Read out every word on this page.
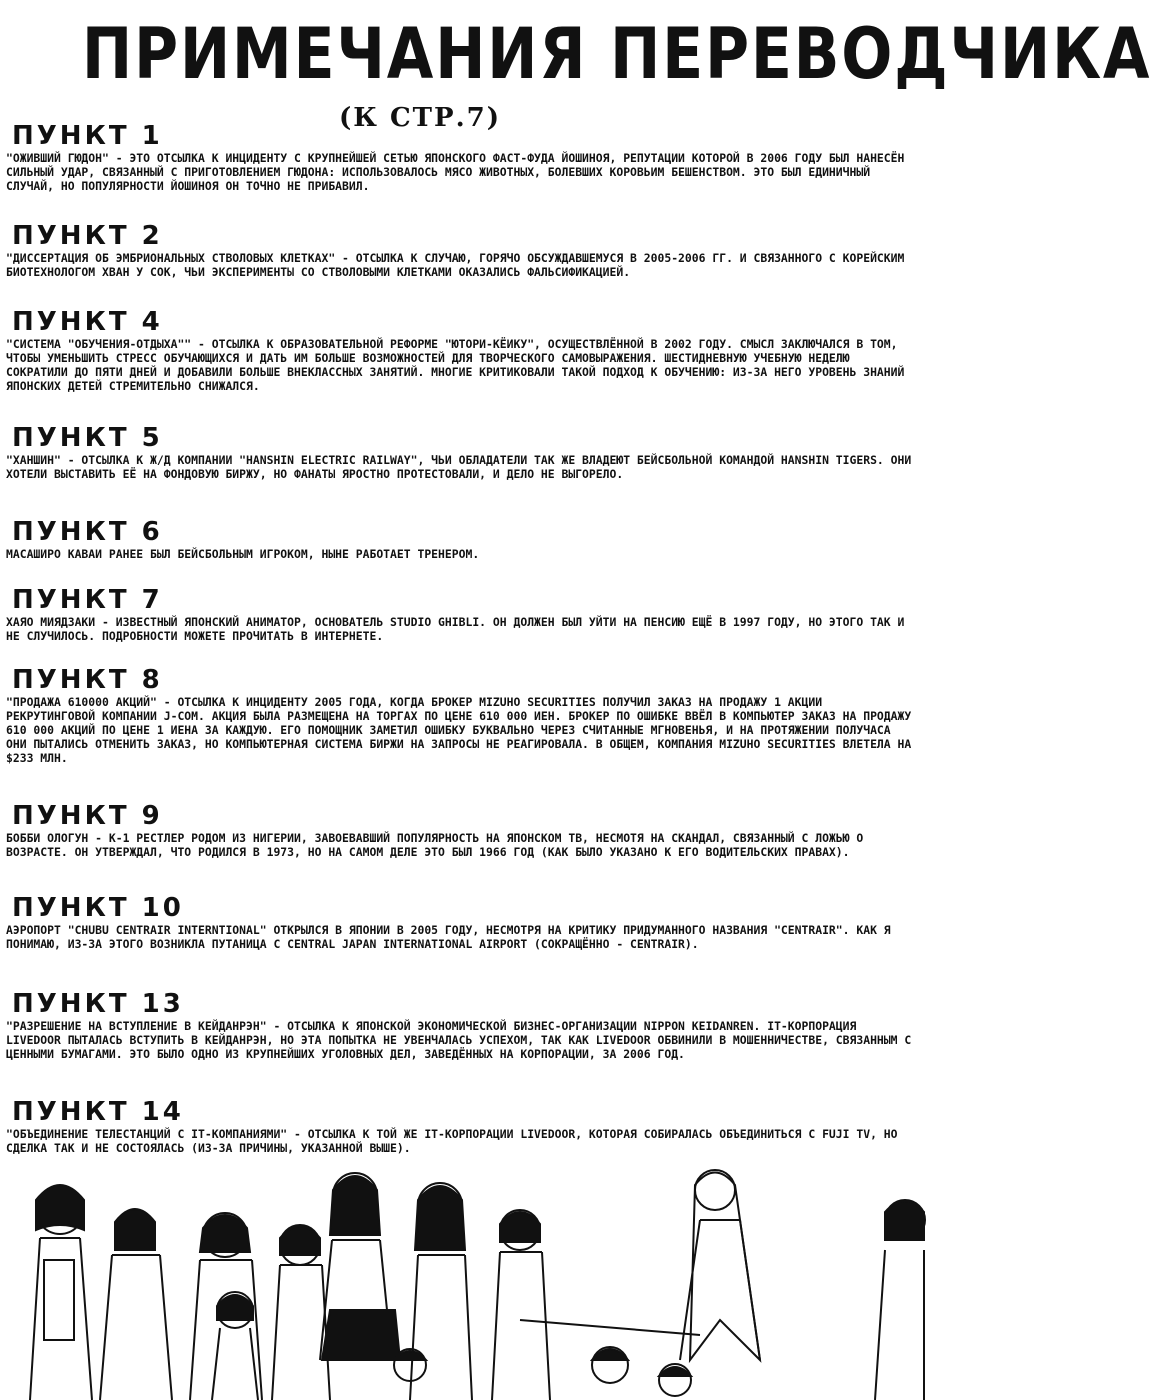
ПРИМЕЧАНИЯ ПЕРЕВОДЧИКА
(К СТР.7)
ПУНКТ 1
"ОЖИВШИЙ ГЮДОН" - ЭТО ОТСЫЛКА К ИНЦИДЕНТУ С КРУПНЕЙШЕЙ СЕТЬЮ ЯПОНСКОГО ФАСТ-ФУДА ЙОШИНОЯ, РЕПУТАЦИИ КОТОРОЙ В 2006 ГОДУ БЫЛ НАНЕСЁН СИЛЬНЫЙ УДАР, СВЯЗАННЫЙ С ПРИГОТОВЛЕНИЕМ ГЮДОНА: ИСПОЛЬЗОВАЛОСЬ МЯСО ЖИВОТНЫХ, БОЛЕВШИХ КОРОВЬИМ БЕШЕНСТВОМ. ЭТО БЫЛ ЕДИНИЧНЫЙ СЛУЧАЙ, НО ПОПУЛЯРНОСТИ ЙОШИНОЯ ОН ТОЧНО НЕ ПРИБАВИЛ.
ПУНКТ 2
"ДИССЕРТАЦИЯ ОБ ЭМБРИОНАЛЬНЫХ СТВОЛОВЫХ КЛЕТКАХ" - ОТСЫЛКА К СЛУЧАЮ, ГОРЯЧО ОБСУЖДАВШЕМУСЯ В 2005-2006 ГГ. И СВЯЗАННОГО С КОРЕЙСКИМ БИОТЕХНОЛОГОМ ХВАН У СОК, ЧЬИ ЭКСПЕРИМЕНТЫ СО СТВОЛОВЫМИ КЛЕТКАМИ ОКАЗАЛИСЬ ФАЛЬСИФИКАЦИЕЙ.
ПУНКТ 4
"СИСТЕМА "ОБУЧЕНИЯ-ОТДЫХА"" - ОТСЫЛКА К ОБРАЗОВАТЕЛЬНОЙ РЕФОРМЕ "ЮТОРИ-КЁИКУ", ОСУЩЕСТВЛЁННОЙ В 2002 ГОДУ. СМЫСЛ ЗАКЛЮЧАЛСЯ В ТОМ, ЧТОБЫ УМЕНЬШИТЬ СТРЕСС ОБУЧАЮЩИХСЯ И ДАТЬ ИМ БОЛЬШЕ ВОЗМОЖНОСТЕЙ ДЛЯ ТВОРЧЕСКОГО САМОВЫРАЖЕНИЯ. ШЕСТИДНЕВНУЮ УЧЕБНУЮ НЕДЕЛЮ СОКРАТИЛИ ДО ПЯТИ ДНЕЙ И ДОБАВИЛИ БОЛЬШЕ ВНЕКЛАССНЫХ ЗАНЯТИЙ. МНОГИЕ КРИТИКОВАЛИ ТАКОЙ ПОДХОД К ОБУЧЕНИЮ: ИЗ-ЗА НЕГО УРОВЕНЬ ЗНАНИЙ ЯПОНСКИХ ДЕТЕЙ СТРЕМИТЕЛЬНО СНИЖАЛСЯ.
ПУНКТ 5
"ХАНШИН" - ОТСЫЛКА К Ж/Д КОМПАНИИ "HANSHIN ELECTRIC RAILWAY", ЧЬИ ОБЛАДАТЕЛИ ТАК ЖЕ ВЛАДЕЮТ БЕЙСБОЛЬНОЙ КОМАНДОЙ HANSHIN TIGERS. ОНИ ХОТЕЛИ ВЫСТАВИТЬ ЕЁ НА ФОНДОВУЮ БИРЖУ, НО ФАНАТЫ ЯРОСТНО ПРОТЕСТОВАЛИ, И ДЕЛО НЕ ВЫГОРЕЛО.
ПУНКТ 6
МАСАШИРО КАВАИ РАНЕЕ БЫЛ БЕЙСБОЛЬНЫМ ИГРОКОМ, НЫНЕ РАБОТАЕТ ТРЕНЕРОМ.
ПУНКТ 7
ХАЯО МИЯДЗАКИ - ИЗВЕСТНЫЙ ЯПОНСКИЙ АНИМАТОР, ОСНОВАТЕЛЬ STUDIO GHIBLI. ОН ДОЛЖЕН БЫЛ УЙТИ НА ПЕНСИЮ ЕЩЁ В 1997 ГОДУ, НО ЭТОГО ТАК И НЕ СЛУЧИЛОСЬ. ПОДРОБНОСТИ МОЖЕТЕ ПРОЧИТАТЬ В ИНТЕРНЕТЕ.
ПУНКТ 8
"ПРОДАЖА 610000 АКЦИЙ" - ОТСЫЛКА К ИНЦИДЕНТУ 2005 ГОДА, КОГДА БРОКЕР MIZUHO SECURITIES ПОЛУЧИЛ ЗАКАЗ НА ПРОДАЖУ 1 АКЦИИ РЕКРУТИНГОВОЙ КОМПАНИИ J-COM. АКЦИЯ БЫЛА РАЗМЕЩЕНА НА ТОРГАХ ПО ЦЕНЕ 610 000 ИЕН. БРОКЕР ПО ОШИБКЕ ВВЁЛ В КОМПЬЮТЕР ЗАКАЗ НА ПРОДАЖУ 610 000 АКЦИЙ ПО ЦЕНЕ 1 ИЕНА ЗА КАЖДУЮ. ЕГО ПОМОЩНИК ЗАМЕТИЛ ОШИБКУ БУКВАЛЬНО ЧЕРЕЗ СЧИТАННЫЕ МГНОВЕНЬЯ, И НА ПРОТЯЖЕНИИ ПОЛУЧАСА ОНИ ПЫТАЛИСЬ ОТМЕНИТЬ ЗАКАЗ, НО КОМПЬЮТЕРНАЯ СИСТЕМА БИРЖИ НА ЗАПРОСЫ НЕ РЕАГИРОВАЛА. В ОБЩЕМ, КОМПАНИЯ MIZUHO SECURITIES ВЛЕТЕЛА НА $233 МЛН.
ПУНКТ 9
БОББИ ОЛОГУН - K-1 РЕСТЛЕР РОДОМ ИЗ НИГЕРИИ, ЗАВОЕВАВШИЙ ПОПУЛЯРНОСТЬ НА ЯПОНСКОМ ТВ, НЕСМОТЯ НА СКАНДАЛ, СВЯЗАННЫЙ С ЛОЖЬЮ О ВОЗРАСТЕ. ОН УТВЕРЖДАЛ, ЧТО РОДИЛСЯ В 1973, НО НА САМОМ ДЕЛЕ ЭТО БЫЛ 1966 ГОД (КАК БЫЛО УКАЗАНО К ЕГО ВОДИТЕЛЬСКИХ ПРАВАХ).
ПУНКТ 10
АЭРОПОРТ "CHUBU CENTRAIR INTERNTIONAL" ОТКРЫЛСЯ В ЯПОНИИ В 2005 ГОДУ, НЕСМОТРЯ НА КРИТИКУ ПРИДУМАННОГО НАЗВАНИЯ "CENTRAIR". КАК Я ПОНИМАЮ, ИЗ-ЗА ЭТОГО ВОЗНИКЛА ПУТАНИЦА С CENTRAL JAPAN INTERNATIONAL AIRPORT (СОКРАЩЁННО - CENTRAIR).
ПУНКТ 13
"РАЗРЕШЕНИЕ НА ВСТУПЛЕНИЕ В КЕЙДАНРЭН" - ОТСЫЛКА К ЯПОНСКОЙ ЭКОНОМИЧЕСКОЙ БИЗНЕС-ОРГАНИЗАЦИИ NIPPON KEIDANREN. IT-КОРПОРАЦИЯ LIVEDOOR ПЫТАЛАСЬ ВСТУПИТЬ В КЕЙДАНРЭН, НО ЭТА ПОПЫТКА НЕ УВЕНЧАЛАСЬ УСПЕХОМ, ТАК КАК LIVEDOOR ОБВИНИЛИ В МОШЕННИЧЕСТВЕ, СВЯЗАННЫМ С ЦЕННЫМИ БУМАГАМИ. ЭТО БЫЛО ОДНО ИЗ КРУПНЕЙШИХ УГОЛОВНЫХ ДЕЛ, ЗАВЕДЁННЫХ НА КОРПОРАЦИИ, ЗА 2006 ГОД.
ПУНКТ 14
"ОБЪЕДИНЕНИЕ ТЕЛЕСТАНЦИЙ С IT-КОМПАНИЯМИ" - ОТСЫЛКА К ТОЙ ЖЕ IT-КОРПОРАЦИИ LIVEDOOR, КОТОРАЯ СОБИРАЛАСЬ ОБЪЕДИНИТЬСЯ С FUJI TV, НО СДЕЛКА ТАК И НЕ СОСТОЯЛАСЬ (ИЗ-ЗА ПРИЧИНЫ, УКАЗАННОЙ ВЫШЕ).
